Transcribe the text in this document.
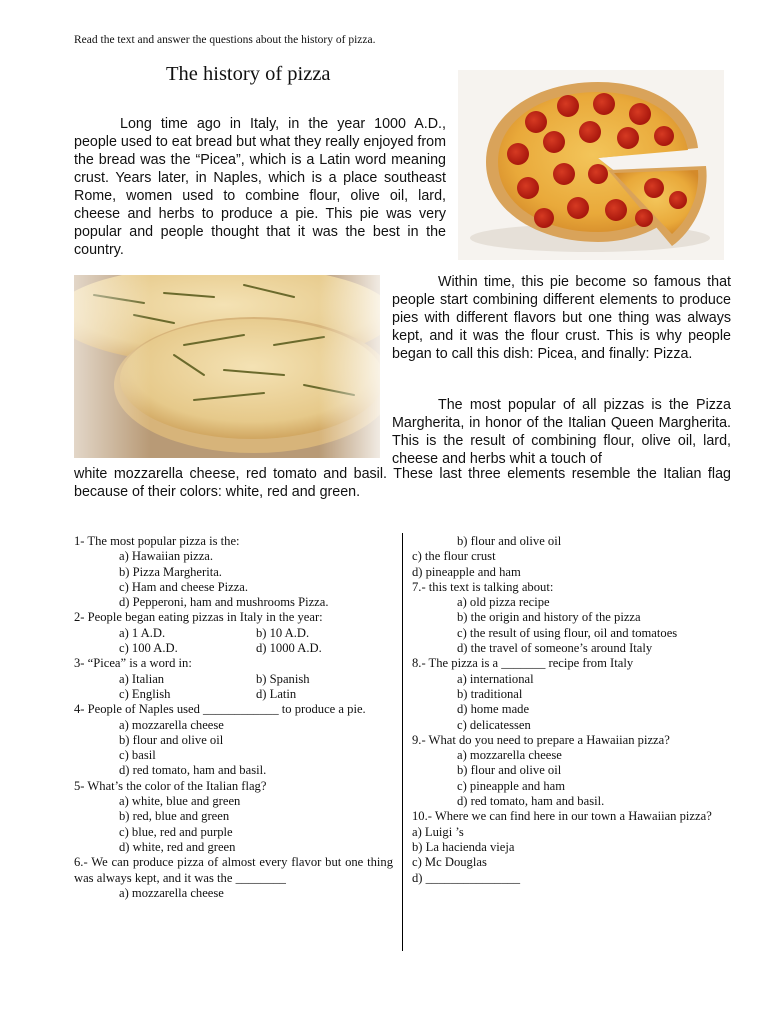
Read the text and answer the questions about the history of pizza.
The history of pizza

Long time ago in Italy, in the year 1000 A.D., people used to eat bread but what they really enjoyed from the bread was the “Picea”, which is a Latin word meaning crust. Years later, in Naples, which is a place southeast Rome, women used to combine flour, olive oil, lard, cheese and herbs to produce a pie. This pie was very popular and people thought that it was the best in the country.

Within time, this pie become so famous that people start combining different elements to produce pies with different flavors but one thing was always kept, and it was the flour crust. This is why people began to call this dish: Picea, and finally: Pizza.

The most popular of all pizzas is the Pizza Margherita, in honor of the Italian Queen Margherita. This is the result of combining flour, olive oil, lard, cheese and herbs whit a touch of

white mozzarella cheese, red tomato and basil. These last three elements resemble the Italian flag because of their colors: white, red and green.

1- The most popular pizza is the:
a) Hawaiian pizza.
b) Pizza Margherita.
c) Ham and cheese Pizza.
d) Pepperoni, ham and mushrooms Pizza.
2- People began eating pizzas in Italy in the year:
a) 1 A.D.	b) 10 A.D.
c) 100 A.D.	d) 1000 A.D.
3- “Picea” is a word in:
a) Italian	b) Spanish
c) English	d) Latin
4- People of Naples used ____________ to produce a pie.
a) mozzarella cheese
b) flour and olive oil
c) basil
d) red tomato, ham and basil.
5- What’s the color of the Italian flag?
a) white, blue and green
b) red, blue and green
c) blue, red and purple
d) white, red and green
6.- We can produce pizza of almost every flavor but one thing was always kept, and it was the ________
a) mozzarella cheese
b) flour and olive oil
c) the flour crust
d) pineapple and ham
7.- this text is talking about:
a) old pizza recipe
b) the origin and history of the pizza
c) the result of using flour, oil and tomatoes
d) the travel of someone’s around Italy
8.- The pizza is a _______ recipe from Italy
a) international
b) traditional
d) home made
c) delicatessen
9.- What do you need to prepare a Hawaiian pizza?
a) mozzarella cheese
b) flour and olive oil
c) pineapple and ham
d) red tomato, ham and basil.
10.- Where we can find here in our town a Hawaiian pizza?
a) Luigi ’s
b) La hacienda vieja
c) Mc Douglas
d) _______________
